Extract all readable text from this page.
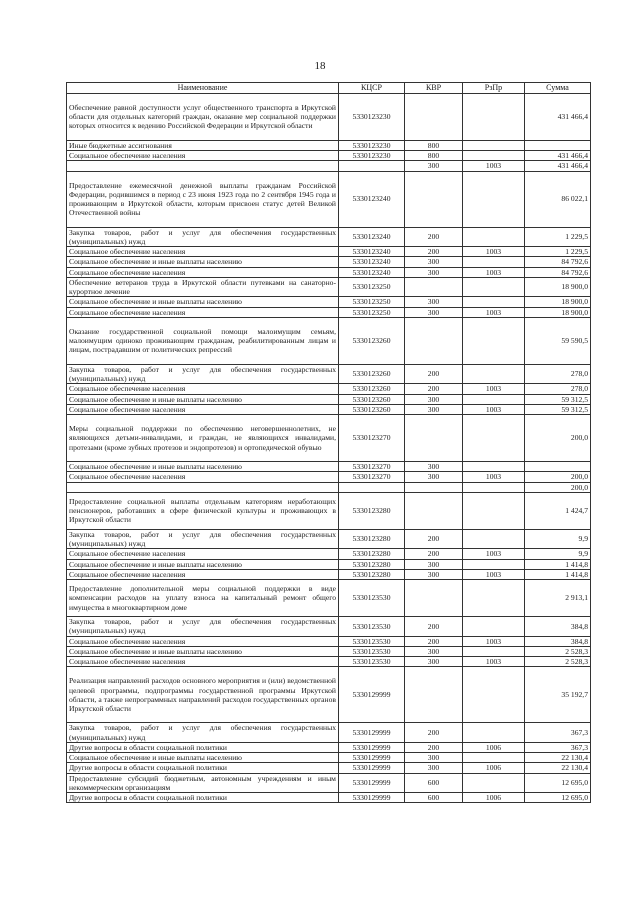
18
Наименование	КЦСР	КВР	РзПр	Сумма
Обеспечение равной доступности услуг общественного транспорта в Иркутской области для отдельных категорий граждан, оказание мер социальной поддержки которых относится к ведению Российской Федерации и Иркутской области	5330123230			431 466,4
Иные бюджетные ассигнования	5330123230	800		
Социальное обеспечение населения	5330123230	800		431 466,4
		300	1003	431 466,4
Предоставление ежемесячной денежной выплаты гражданам Российской Федерации, родившимся в период с 23 июня 1923 года по 2 сентября 1945 года и проживающим в Иркутской области, которым присвоен статус детей Великой Отечественной войны	5330123240			86 022,1
Закупка товаров, работ и услуг для обеспечения государственных (муниципальных) нужд	5330123240	200		1 229,5
Социальное обеспечение населения	5330123240	200	1003	1 229,5
Социальное обеспечение и иные выплаты населению	5330123240	300		84 792,6
Социальное обеспечение населения	5330123240	300	1003	84 792,6
Обеспечение ветеранов труда в Иркутской области путевками на санаторно-курортное лечение	5330123250			18 900,0
Социальное обеспечение и иные выплаты населению	5330123250	300		18 900,0
Социальное обеспечение населения	5330123250	300	1003	18 900,0
Оказание государственной социальной помощи малоимущим семьям, малоимущим одиноко проживающим гражданам, реабилитированным лицам и лицам, пострадавшим от политических репрессий	5330123260			59 590,5
Закупка товаров, работ и услуг для обеспечения государственных (муниципальных) нужд	5330123260	200		278,0
Социальное обеспечение населения	5330123260	200	1003	278,0
Социальное обеспечение и иные выплаты населению	5330123260	300		59 312,5
Социальное обеспечение населения	5330123260	300	1003	59 312,5
Меры социальной поддержки по обеспечению неговершеннолетних, не являющихся детьми-инвалидами, и граждан, не являющихся инвалидами, протезами (кроме зубных протезов и эндопротезов) и ортопедической обувью	5330123270			200,0
Социальное обеспечение и иные выплаты населению	5330123270	300		
Социальное обеспечение населения	5330123270	300	1003	200,0
				200,0
Предоставление социальной выплаты отдельным категориям неработающих пенсионеров, работавших в сфере физической культуры и проживающих в Иркутской области	5330123280			1 424,7
Закупка товаров, работ и услуг для обеспечения государственных (муниципальных) нужд	5330123280	200		9,9
Социальное обеспечение населения	5330123280	200	1003	9,9
Социальное обеспечение и иные выплаты населению	5330123280	300		1 414,8
Социальное обеспечение населения	5330123280	300	1003	1 414,8
Предоставление дополнительной меры социальной поддержки в виде компенсации расходов на уплату взноса на капитальный ремонт общего имущества в многоквартирном доме	5330123530			2 913,1
Закупка товаров, работ и услуг для обеспечения государственных (муниципальных) нужд	5330123530	200		384,8
Социальное обеспечение населения	5330123530	200	1003	384,8
Социальное обеспечение и иные выплаты населению	5330123530	300		2 528,3
Социальное обеспечение населения	5330123530	300	1003	2 528,3
Реализация направлений расходов основного мероприятия и (или) ведомственной целевой программы, подпрограммы государственной программы Иркутской области, а также непрограммных направлений расходов государственных органов Иркутской области	5330129999			35 192,7
Закупка товаров, работ и услуг для обеспечения государственных (муниципальных) нужд	5330129999	200		367,3
Другие вопросы в области социальной политики	5330129999	200	1006	367,3
Социальное обеспечение и иные выплаты населению	5330129999	300		22 130,4
Другие вопросы в области социальной политики	5330129999	300	1006	22 130,4
Предоставление субсидий бюджетным, автономным учреждениям и иным некоммерческим организациям	5330129999	600		12 695,0
Другие вопросы в области социальной политики	5330129999	600	1006	12 695,0
